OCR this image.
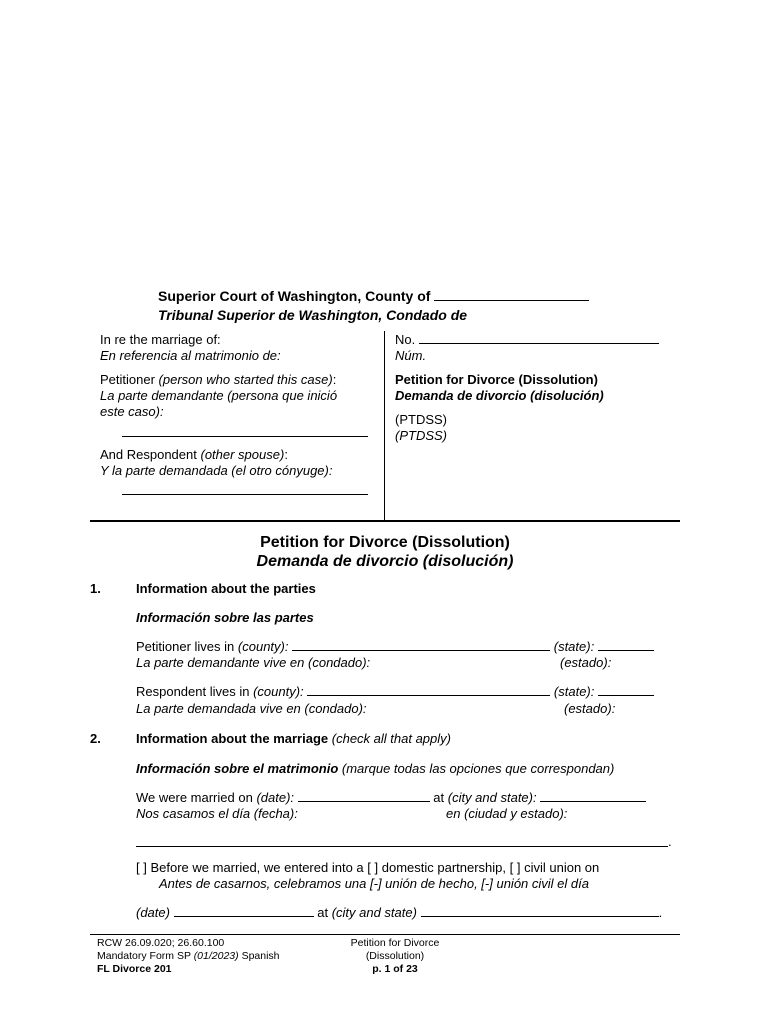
Superior Court of Washington, County of
Tribunal Superior de Washington, Condado de
In re the marriage of:
En referencia al matrimonio de:
Petitioner (person who started this case):
La parte demandante (persona que inició
este caso):
And Respondent (other spouse):
Y la parte demandada (el otro cónyuge):
No.
Núm.
Petition for Divorce (Dissolution)
Demanda de divorcio (disolución)
(PTDSS)
(PTDSS)
Petition for Divorce (Dissolution)
Demanda de divorcio (disolución)
1.	Information about the parties
Información sobre las partes
Petitioner lives in (county):	(state):
La parte demandante vive en (condado):	(estado):
Respondent lives in (county):	(state):
La parte demandada vive en (condado):	(estado):
2.	Information about the marriage (check all that apply)
Información sobre el matrimonio (marque todas las opciones que correspondan)
We were married on (date):	at (city and state):
Nos casamos el día (fecha):	en (ciudad y estado):
.
[ ] Before we married, we entered into a [ ] domestic partnership, [ ] civil union on
Antes de casarnos, celebramos una [-] unión de hecho, [-] unión civil el día
(date)	at (city and state)	.
RCW 26.09.020; 26.60.100
Mandatory Form SP (01/2023) Spanish
FL Divorce 201
Petition for Divorce
(Dissolution)
p. 1 of 23
